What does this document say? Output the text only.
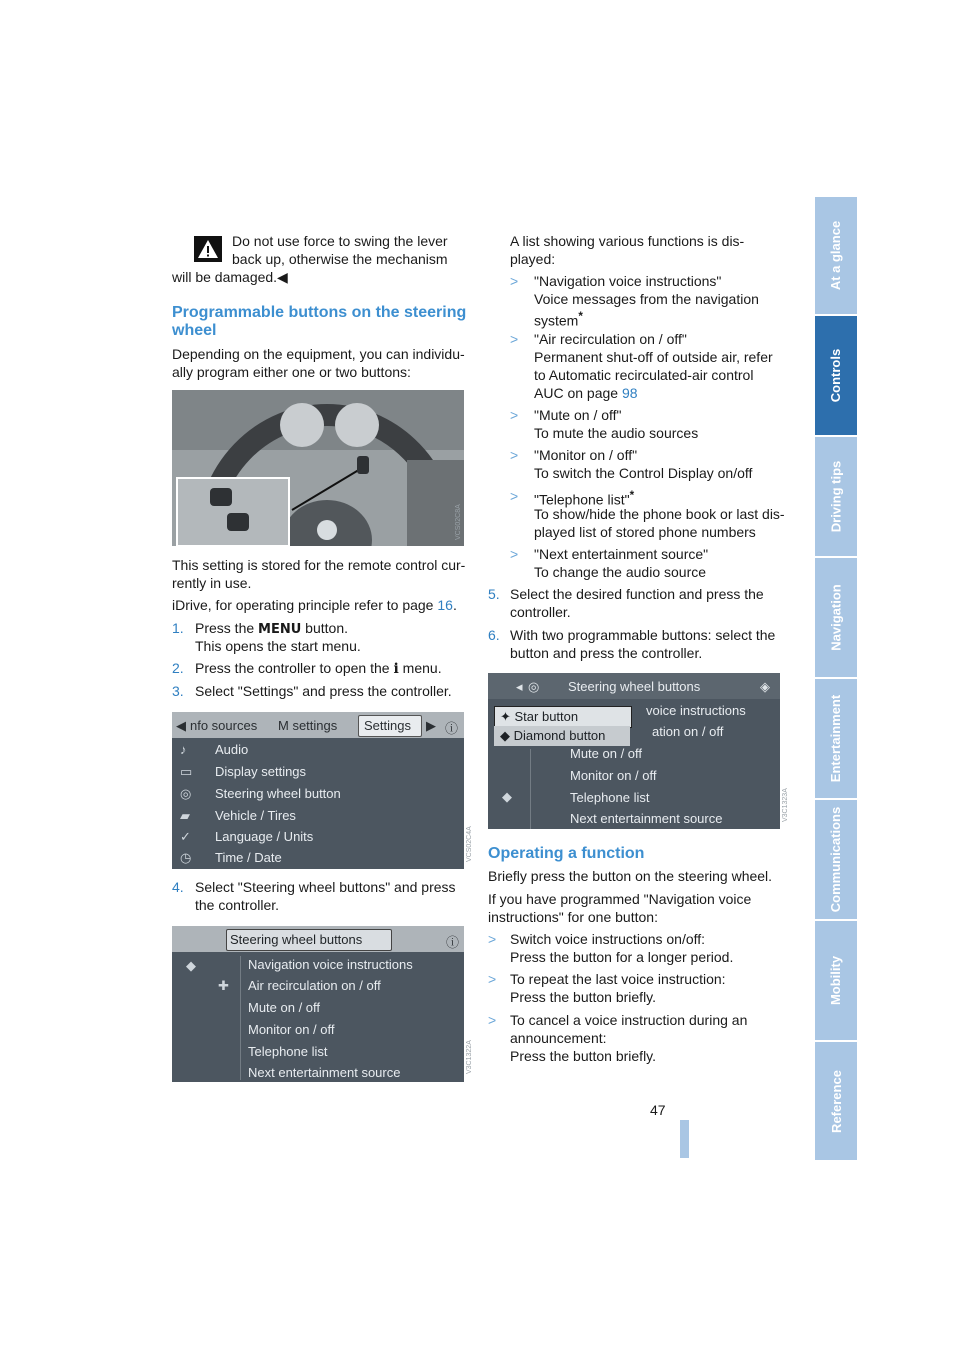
At a glance
Controls
Driving tips
Navigation
Entertainment
Communications
Mobility
Reference
Do not use force to swing the lever
back up, otherwise the mechanism
will be damaged.◀
Programmable buttons on the steering
wheel
Depending on the equipment, you can individu-
ally program either one or two buttons:
VCS02C8A
This setting is stored for the remote control cur-
rently in use.
iDrive, for operating principle refer to page 16.
1. Press the MENU button.
This opens the start menu.
2. Press the controller to open the i menu.
3. Select "Settings" and press the controller.
◀ nfo sources M settings Settings ▶ ⓘ
♪ Audio
▭ Display settings
◎ Steering wheel button
▰ Vehicle / Tires
✓ Language / Units
◷ Time / Date	VCS02C4A
4. Select "Steering wheel buttons" and press
the controller.
Steering wheel buttons	ⓘ
◆
✚
Navigation voice instructions
Air recirculation on / off
Mute on / off
Monitor on / off
Telephone list
Next entertainment source	V3C1322A
A list showing various functions is dis-
played:
> "Navigation voice instructions"
Voice messages from the navigation
system*
> "Air recirculation on / off"
Permanent shut-off of outside air, refer
to Automatic recirculated-air control
AUC on page 98
> "Mute on / off"
To mute the audio sources
> "Monitor on / off"
To switch the Control Display on/off
> "Telephone list"*
To show/hide the phone book or last dis-
played list of stored phone numbers
> "Next entertainment source"
To change the audio source
5. Select the desired function and press the
controller.
6. With two programmable buttons: select the
button and press the controller.
◂ ◎ Steering wheel buttons	◈
✦ Star button
◆ Diamond button
◆
voice instructions
ation on / off
Mute on / off
Monitor on / off
Telephone list
Next entertainment source	V3C1323A
Operating a function
Briefly press the button on the steering wheel.
If you have programmed "Navigation voice
instructions" for one button:
> Switch voice instructions on/off:
Press the button for a longer period.
> To repeat the last voice instruction:
Press the button briefly.
> To cancel a voice instruction during an
announcement:
Press the button briefly.
47
Online Edition for Part no. 01 41 0 014 958 - © 02/08 BMW AG
